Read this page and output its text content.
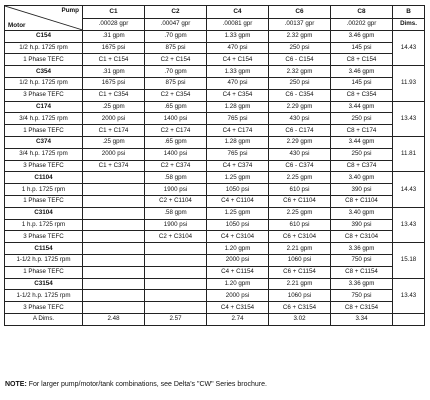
Pump
Motor	C1	C2	C4	C6	C8	B
	.00028 gpr	.00047 gpr	.00081 gpr	.00137 gpr	.00202 gpr	Dims.
C154	.31 gpm	.70 gpm	1.33 gpm	2.32 gpm	3.46 gpm	14.43
1/2 h.p. 1725 rpm	1675 psi	875 psi	470 psi	250 psi	145 psi	
1 Phase TEFC	C1 + C154	C2 + C154	C4 + C154	C6 - C154	C8 + C154	
C354	.31 gpm	.70 gpm	1.33 gpm	2.32 gpm	3.46 gpm	11.93
1/2 h.p. 1725 rpm	1675 psi	875 psi	470 psi	250 psi	145 psi	
3 Phase TEFC	C1 + C354	C2 + C354	C4 + C354	C6 - C354	C8 + C354	
C174	.25 gpm	.65 gpm	1.28 gpm	2.29 gpm	3.44 gpm	13.43
3/4 h.p. 1725 rpm	2000 psi	1400 psi	765 psi	430 psi	250 psi	
1 Phase TEFC	C1 + C174	C2 + C174	C4 + C174	C6 - C174	C8 + C174	
C374	.25 gpm	.65 gpm	1.28 gpm	2.29 gpm	3.44 gpm	11.81
3/4 h.p. 1725 rpm	2000 psi	1400 psi	765 psi	430 psi	250 psi	
3 Phase TEFC	C1 + C374	C2 + C374	C4 + C374	C6 - C374	C8 + C374	
C1104		.58 gpm	1.25 gpm	2.25 gpm	3.40 gpm	14.43
1 h.p. 1725 rpm		1900 psi	1050 psi	610 psi	390 psi	
1 Phase TEFC		C2 + C1104	C4 + C1104	C6 + C1104	C8 + C1104	
C3104		.58 gpm	1.25 gpm	2.25 gpm	3.40 gpm	13.43
1 h.p. 1725 rpm		1900 psi	1050 psi	610 psi	390 psi	
3 Phase TEFC		C2 + C3104	C4 + C3104	C6 + C3104	C8 + C3104	
C1154			1.20 gpm	2.21 gpm	3.36 gpm	15.18
1-1/2 h.p. 1725 rpm			2000 psi	1060 psi	750 psi	
1 Phase TEFC			C4 + C1154	C6 + C1154	C8 + C1154	
C3154			1.20 gpm	2.21 gpm	3.36 gpm	13.43
1-1/2 h.p. 1725 rpm			2000 psi	1060 psi	750 psi	
3 Phase TEFC			C4 + C3154	C6 + C3154	C8 + C3154	
A Dims.	2.48	2.57	2.74	3.02	3.34	
NOTE: For larger pump/motor/tank combinations, see Delta's "CW" Series brochure.
